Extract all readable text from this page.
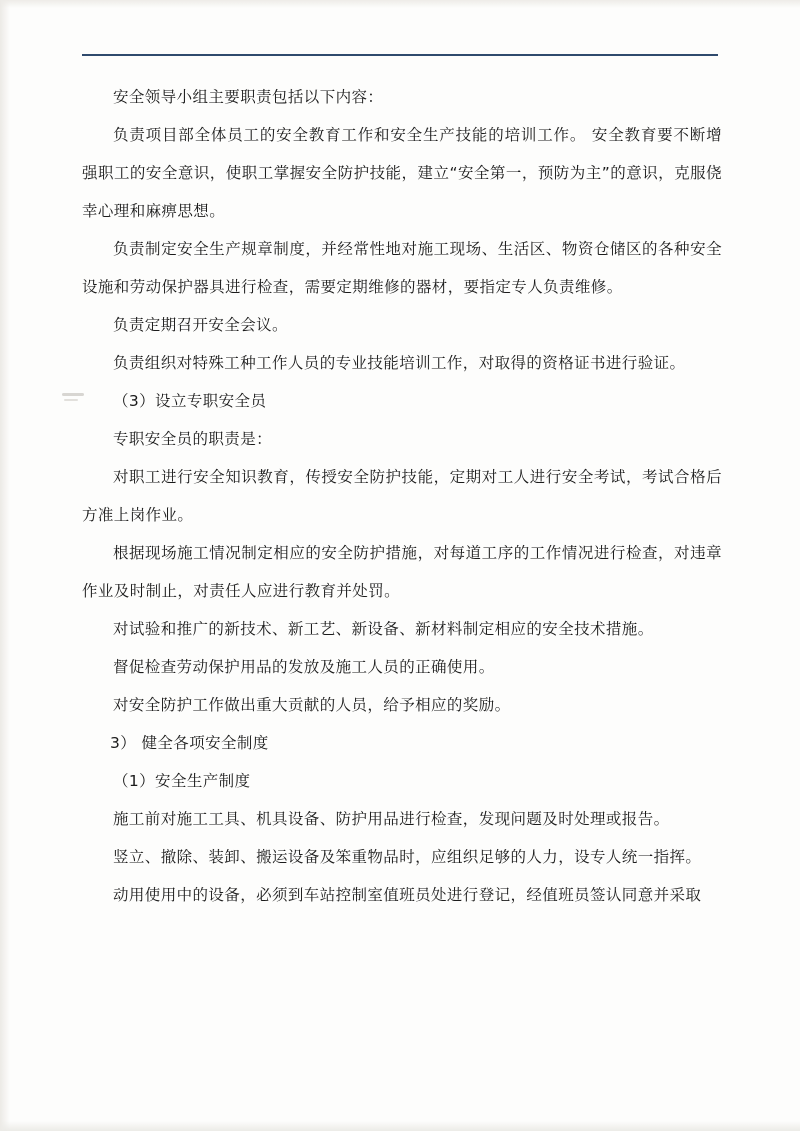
安全领导小组主要职责包括以下内容：

负责项目部全体员工的安全教育工作和安全生产技能的培训工作。 安全教育要不断增强职工的安全意识，使职工掌握安全防护技能，建立“安全第一，预防为主”的意识，克服侥幸心理和麻痹思想。

负责制定安全生产规章制度，并经常性地对施工现场、生活区、物资仓储区的各种安全设施和劳动保护器具进行检查，需要定期维修的器材，要指定专人负责维修。

负责定期召开安全会议。

负责组织对特殊工种工作人员的专业技能培训工作，对取得的资格证书进行验证。

（3）设立专职安全员

专职安全员的职责是：

对职工进行安全知识教育，传授安全防护技能，定期对工人进行安全考试，考试合格后方准上岗作业。

根据现场施工情况制定相应的安全防护措施，对每道工序的工作情况进行检查，对违章作业及时制止，对责任人应进行教育并处罚。

对试验和推广的新技术、新工艺、新设备、新材料制定相应的安全技术措施。

督促检查劳动保护用品的发放及施工人员的正确使用。

对安全防护工作做出重大贡献的人员，给予相应的奖励。

3） 健全各项安全制度

（1）安全生产制度

施工前对施工工具、机具设备、防护用品进行检查，发现问题及时处理或报告。

竖立、撤除、装卸、搬运设备及笨重物品时，应组织足够的人力，设专人统一指挥。

动用使用中的设备，必须到车站控制室值班员处进行登记，经值班员签认同意并采取
